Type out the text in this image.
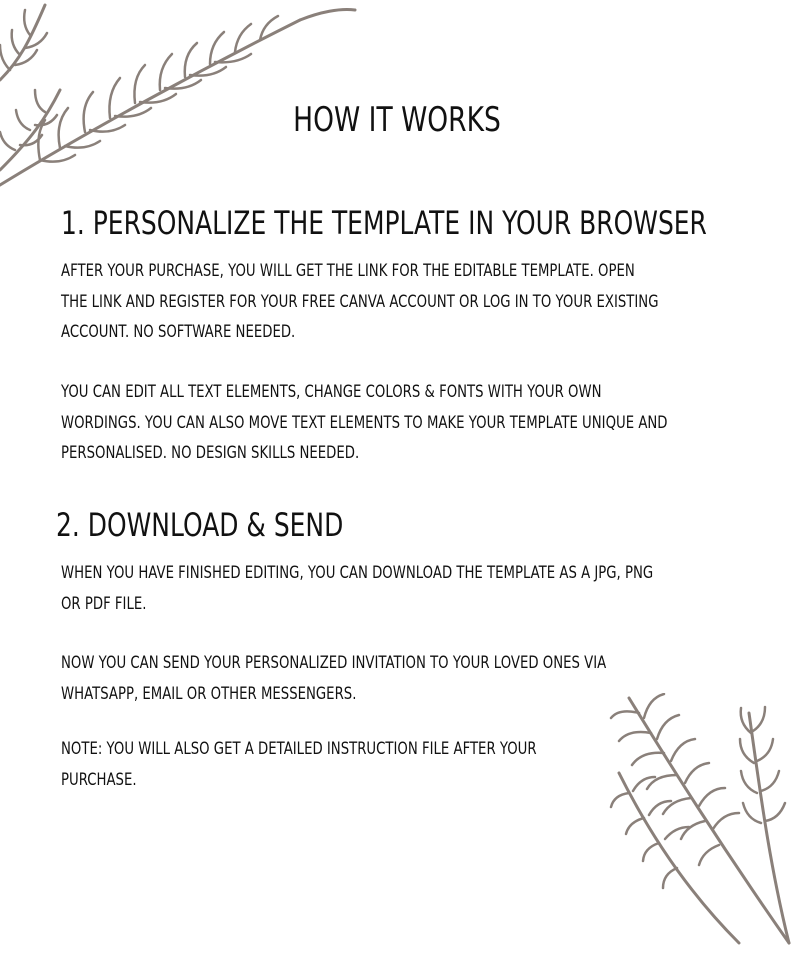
HOW IT WORKS
1. PERSONALIZE THE TEMPLATE IN YOUR BROWSER

AFTER YOUR PURCHASE, YOU WILL GET THE LINK FOR THE EDITABLE TEMPLATE. OPEN
THE LINK AND REGISTER FOR YOUR FREE CANVA ACCOUNT OR LOG IN TO YOUR EXISTING
ACCOUNT. NO SOFTWARE NEEDED.

YOU CAN EDIT ALL TEXT ELEMENTS, CHANGE COLORS & FONTS WITH YOUR OWN
WORDINGS. YOU CAN ALSO MOVE TEXT ELEMENTS TO MAKE YOUR TEMPLATE UNIQUE AND
PERSONALISED. NO DESIGN SKILLS NEEDED.

2. DOWNLOAD & SEND

WHEN YOU HAVE FINISHED EDITING, YOU CAN DOWNLOAD THE TEMPLATE AS A JPG, PNG
OR PDF FILE.

NOW YOU CAN SEND YOUR PERSONALIZED INVITATION TO YOUR LOVED ONES VIA
WHATSAPP, EMAIL OR OTHER MESSENGERS.

NOTE: YOU WILL ALSO GET A DETAILED INSTRUCTION FILE AFTER YOUR
PURCHASE.
